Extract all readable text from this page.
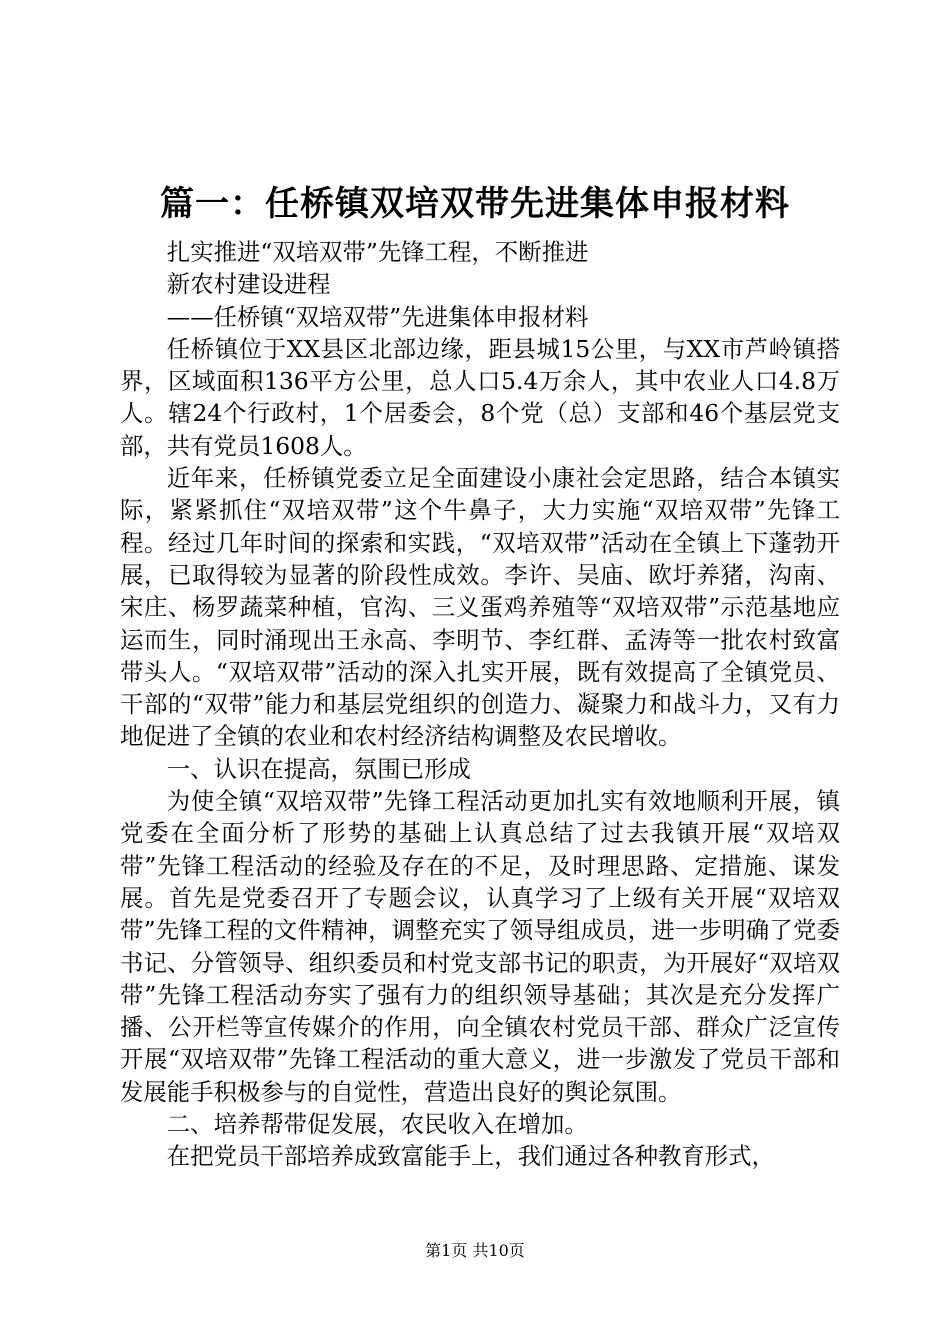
篇一：任桥镇双培双带先进集体申报材料

扎实推进“双培双带”先锋工程，不断推进

新农村建设进程

——任桥镇“双培双带”先进集体申报材料

任桥镇位于XX县区北部边缘，距县城15公里，与XX市芦岭镇搭界，区域面积136平方公里，总人口5.4万余人，其中农业人口4.8万人。辖24个行政村，1个居委会，8个党（总）支部和46个基层党支部，共有党员1608人。

近年来，任桥镇党委立足全面建设小康社会定思路，结合本镇实际，紧紧抓住“双培双带”这个牛鼻子，大力实施“双培双带”先锋工程。经过几年时间的探索和实践，“双培双带”活动在全镇上下蓬勃开展，已取得较为显著的阶段性成效。李许、吴庙、欧圩养猪，沟南、宋庄、杨罗蔬菜种植，官沟、三义蛋鸡养殖等“双培双带”示范基地应运而生，同时涌现出王永高、李明节、李红群、孟涛等一批农村致富带头人。“双培双带”活动的深入扎实开展，既有效提高了全镇党员、干部的“双带”能力和基层党组织的创造力、凝聚力和战斗力，又有力地促进了全镇的农业和农村经济结构调整及农民增收。

一、认识在提高，氛围已形成

为使全镇“双培双带”先锋工程活动更加扎实有效地顺利开展，镇党委在全面分析了形势的基础上认真总结了过去我镇开展“双培双带”先锋工程活动的经验及存在的不足，及时理思路、定措施、谋发展。首先是党委召开了专题会议，认真学习了上级有关开展“双培双带”先锋工程的文件精神，调整充实了领导组成员，进一步明确了党委书记、分管领导、组织委员和村党支部书记的职责，为开展好“双培双带”先锋工程活动夯实了强有力的组织领导基础；其次是充分发挥广播、公开栏等宣传媒介的作用，向全镇农村党员干部、群众广泛宣传开展“双培双带”先锋工程活动的重大意义，进一步激发了党员干部和发展能手积极参与的自觉性，营造出良好的舆论氛围。

二、培养帮带促发展，农民收入在增加。

在把党员干部培养成致富能手上，我们通过各种教育形式，

第1页 共10页
